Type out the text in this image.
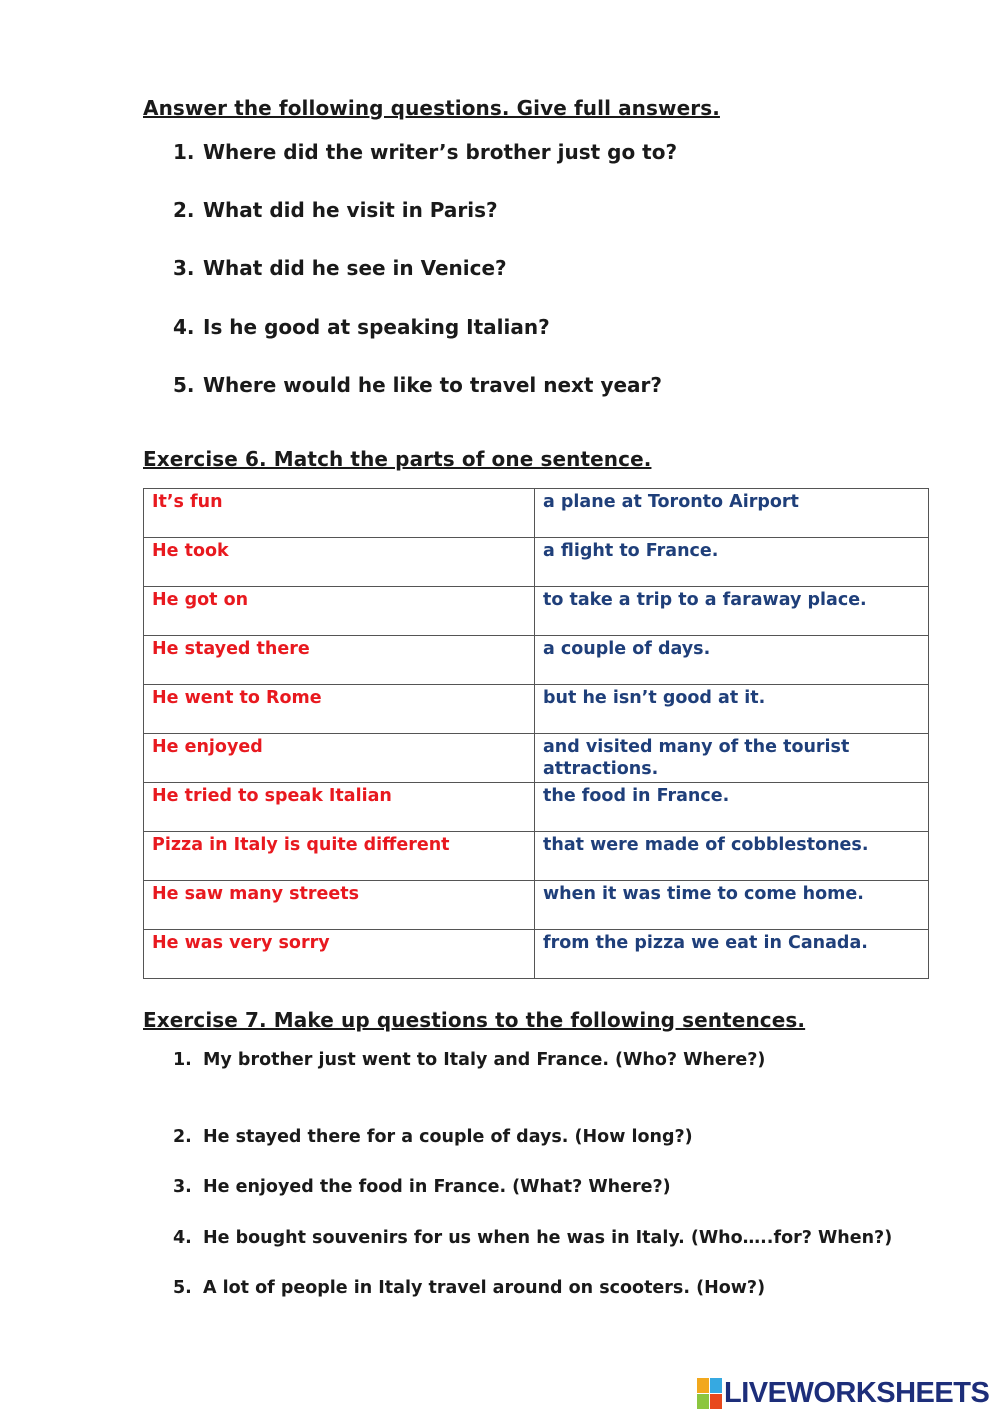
Answer the following questions. Give full answers.
1. Where did the writer’s brother just go to?
2. What did he visit in Paris?
3. What did he see in Venice?
4. Is he good at speaking Italian?
5. Where would he like to travel next year?
Exercise 6. Match the parts of one sentence.
It’s fun	a plane at Toronto Airport
He took	a flight to France.
He got on	to take a trip to a faraway place.
He stayed there	a couple of days.
He went to Rome	but he isn’t good at it.
He enjoyed	and visited many of the tourist attractions.
He tried to speak Italian	the food in France.
Pizza in Italy is quite different	that were made of cobblestones.
He saw many streets	when it was time to come home.
He was very sorry	from the pizza we eat in Canada.
Exercise 7. Make up questions to the following sentences.
1. My brother just went to Italy and France. (Who? Where?)
2. He stayed there for a couple of days. (How long?)
3. He enjoyed the food in France. (What? Where?)
4. He bought souvenirs for us when he was in Italy. (Who…..for? When?)
5. A lot of people in Italy travel around on scooters. (How?)
LIVEWORKSHEETS
